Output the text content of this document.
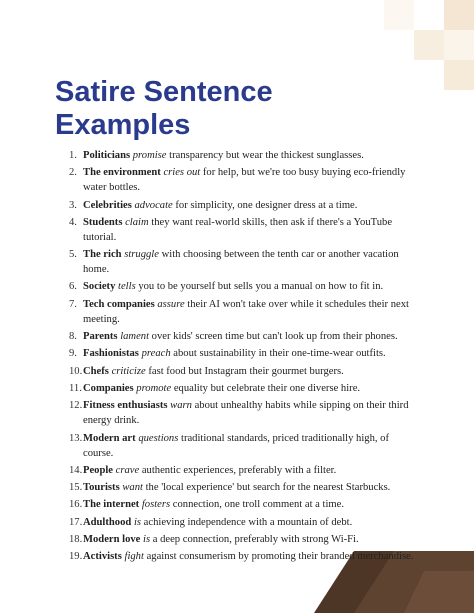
Satire Sentence Examples
1. Politicians promise transparency but wear the thickest sunglasses.
2. The environment cries out for help, but we're too busy buying eco-friendly water bottles.
3. Celebrities advocate for simplicity, one designer dress at a time.
4. Students claim they want real-world skills, then ask if there's a YouTube tutorial.
5. The rich struggle with choosing between the tenth car or another vacation home.
6. Society tells you to be yourself but sells you a manual on how to fit in.
7. Tech companies assure their AI won't take over while it schedules their next meeting.
8. Parents lament over kids' screen time but can't look up from their phones.
9. Fashionistas preach about sustainability in their one-time-wear outfits.
10. Chefs criticize fast food but Instagram their gourmet burgers.
11. Companies promote equality but celebrate their one diverse hire.
12. Fitness enthusiasts warn about unhealthy habits while sipping on their third energy drink.
13. Modern art questions traditional standards, priced traditionally high, of course.
14. People crave authentic experiences, preferably with a filter.
15. Tourists want the 'local experience' but search for the nearest Starbucks.
16. The internet fosters connection, one troll comment at a time.
17. Adulthood is achieving independence with a mountain of debt.
18. Modern love is a deep connection, preferably with strong Wi-Fi.
19. Activists fight against consumerism by promoting their branded merchandise.
